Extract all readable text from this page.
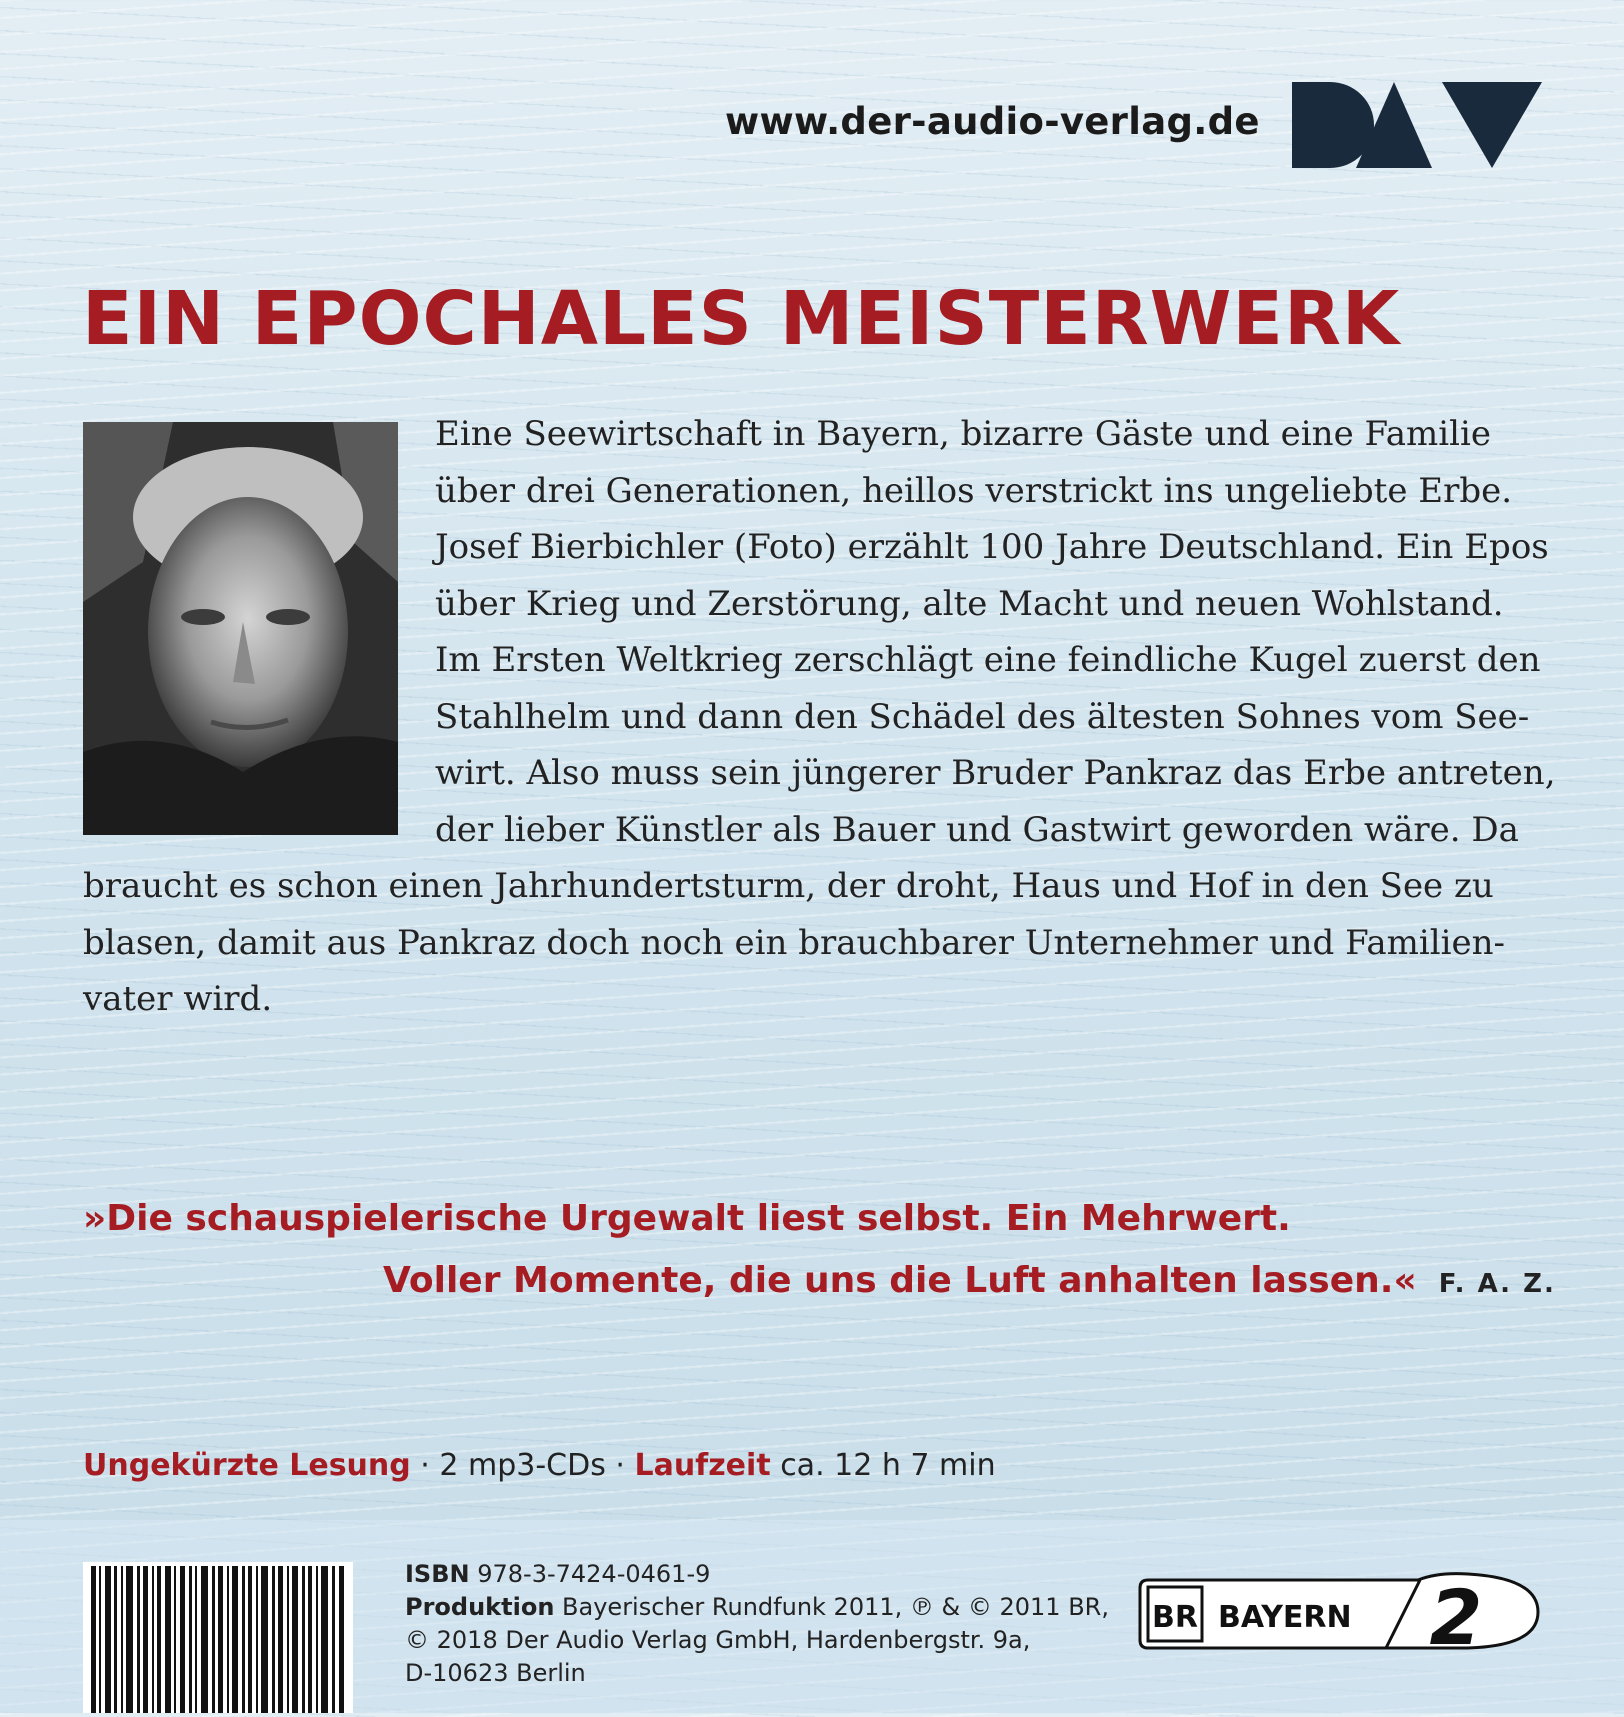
www.der-audio-verlag.de
EIN EPOCHALES MEISTERWERK
Eine Seewirtschaft in Bayern, bizarre Gäste und eine Familie
über drei Generationen, heillos verstrickt ins ungeliebte Erbe.
Josef Bierbichler (Foto) erzählt 100 Jahre Deutschland. Ein Epos
über Krieg und Zerstörung, alte Macht und neuen Wohlstand.
Im Ersten Weltkrieg zerschlägt eine feindliche Kugel zuerst den
Stahlhelm und dann den Schädel des ältesten Sohnes vom See-
wirt. Also muss sein jüngerer Bruder Pankraz das Erbe antreten,
der lieber Künstler als Bauer und Gastwirt geworden wäre. Da
braucht es schon einen Jahrhundertsturm, der droht, Haus und Hof in den See zu
blasen, damit aus Pankraz doch noch ein brauchbarer Unternehmer und Familien-
vater wird.
»Die schauspielerische Urgewalt liest selbst. Ein Mehrwert.
Voller Momente, die uns die Luft anhalten lassen.« F. A. Z.
Ungekürzte Lesung · 2 mp3-CDs · Laufzeit ca. 12 h 7 min
ISBN 978-3-7424-0461-9
Produktion Bayerischer Rundfunk 2011, ℗ & © 2011 BR,
© 2018 Der Audio Verlag GmbH, Hardenbergstr. 9a,
D-10623 Berlin
BR BAYERN 2
